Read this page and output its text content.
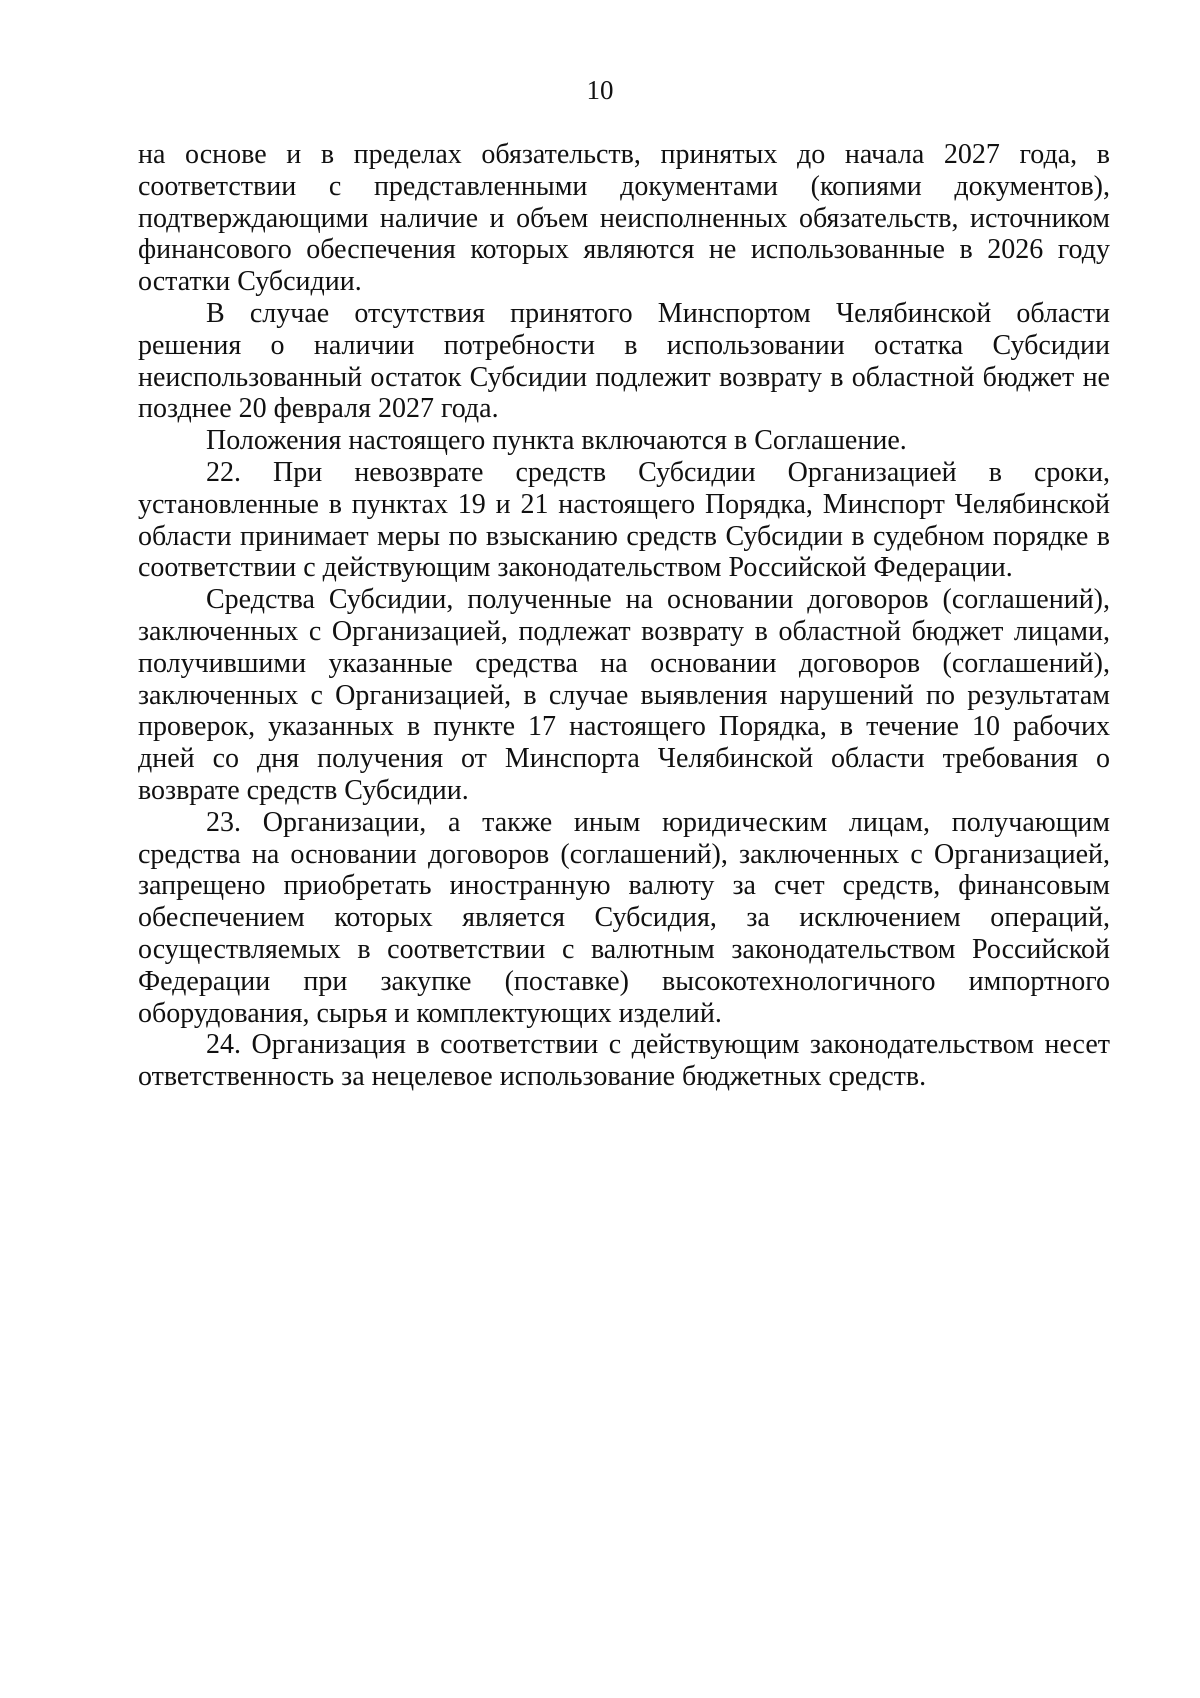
10

на основе и в пределах обязательств, принятых до начала 2027 года, в соответствии с представленными документами (копиями документов), подтверждающими наличие и объем неисполненных обязательств, источником финансового обеспечения которых являются не использованные в 2026 году остатки Субсидии.

В случае отсутствия принятого Минспортом Челябинской области решения о наличии потребности в использовании остатка Субсидии неиспользованный остаток Субсидии подлежит возврату в областной бюджет не позднее 20 февраля 2027 года.

Положения настоящего пункта включаются в Соглашение.

22. При невозврате средств Субсидии Организацией в сроки, установленные в пунктах 19 и 21 настоящего Порядка, Минспорт Челябинской области принимает меры по взысканию средств Субсидии в судебном порядке в соответствии с действующим законодательством Российской Федерации.

Средства Субсидии, полученные на основании договоров (соглашений), заключенных с Организацией, подлежат возврату в областной бюджет лицами, получившими указанные средства на основании договоров (соглашений), заключенных с Организацией, в случае выявления нарушений по результатам проверок, указанных в пункте 17 настоящего Порядка, в течение 10 рабочих дней со дня получения от Минспорта Челябинской области требования о возврате средств Субсидии.

23. Организации, а также иным юридическим лицам, получающим средства на основании договоров (соглашений), заключенных с Организацией, запрещено приобретать иностранную валюту за счет средств, финансовым обеспечением которых является Субсидия, за исключением операций, осуществляемых в соответствии с валютным законодательством Российской Федерации при закупке (поставке) высокотехнологичного импортного оборудования, сырья и комплектующих изделий.

24. Организация в соответствии с действующим законодательством несет ответственность за нецелевое использование бюджетных средств.
